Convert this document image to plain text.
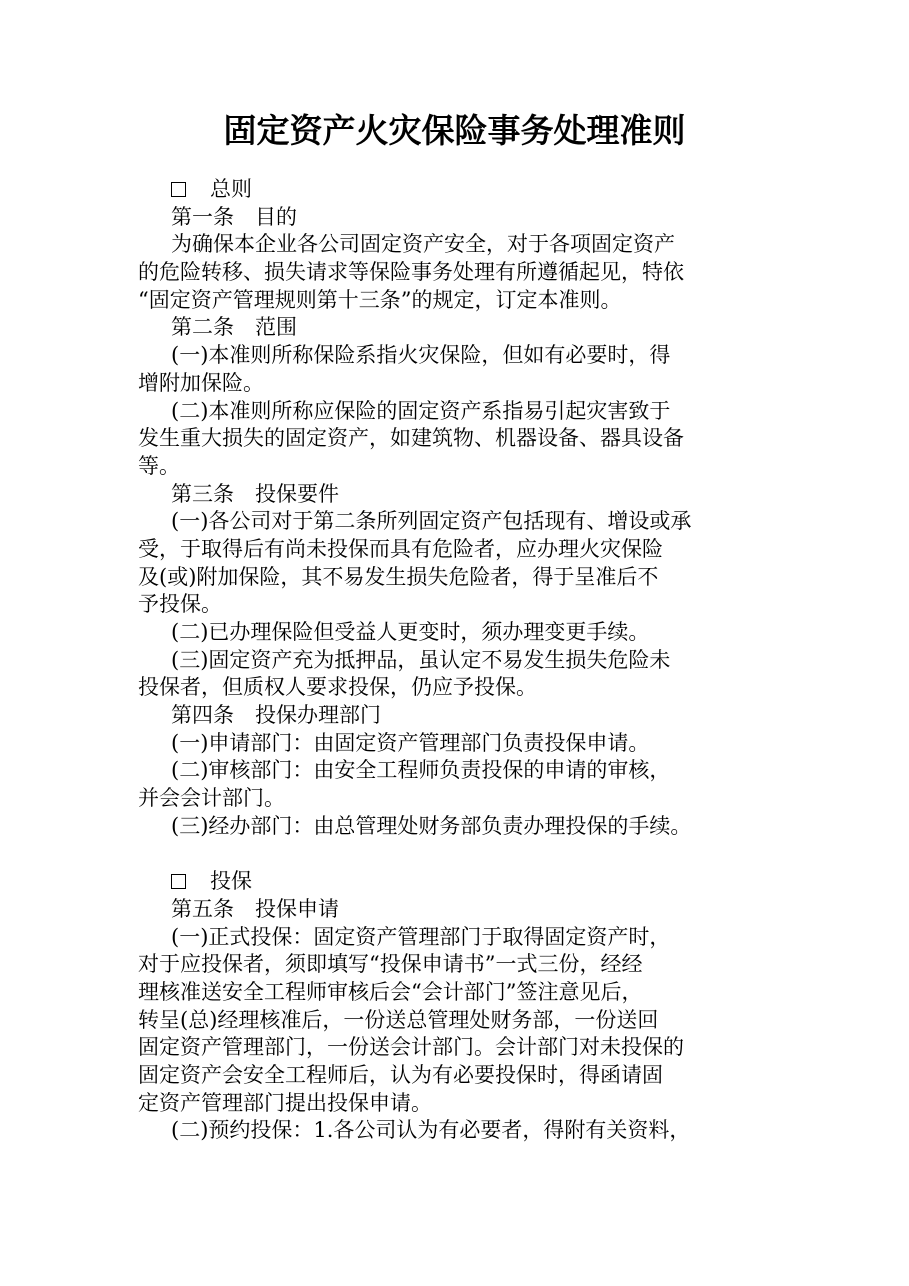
固定资产火灾保险事务处理准则
总则
第一条　目的
为确保本企业各公司固定资产安全，对于各项固定资产
的危险转移、损失请求等保险事务处理有所遵循起见，特依
“固定资产管理规则第十三条”的规定，订定本准则。
第二条　范围
(一)本准则所称保险系指火灾保险，但如有必要时，得
增附加保险。
(二)本准则所称应保险的固定资产系指易引起灾害致于
发生重大损失的固定资产，如建筑物、机器设备、器具设备
等。
第三条　投保要件
(一)各公司对于第二条所列固定资产包括现有、增设或承
受，于取得后有尚未投保而具有危险者，应办理火灾保险
及(或)附加保险，其不易发生损失危险者，得于呈准后不
予投保。
(二)已办理保险但受益人更变时，须办理变更手续。
(三)固定资产充为抵押品，虽认定不易发生损失危险未
投保者，但质权人要求投保，仍应予投保。
第四条　投保办理部门
(一)申请部门：由固定资产管理部门负责投保申请。
(二)审核部门：由安全工程师负责投保的申请的审核，
并会会计部门。
(三)经办部门：由总管理处财务部负责办理投保的手续。
投保
第五条　投保申请
(一)正式投保：固定资产管理部门于取得固定资产时，
对于应投保者，须即填写“投保申请书”一式三份，经经
理核准送安全工程师审核后会“会计部门”签注意见后，
转呈(总)经理核准后，一份送总管理处财务部，一份送回
固定资产管理部门，一份送会计部门。会计部门对未投保的
固定资产会安全工程师后，认为有必要投保时，得函请固
定资产管理部门提出投保申请。
(二)预约投保：1.各公司认为有必要者，得附有关资料，
